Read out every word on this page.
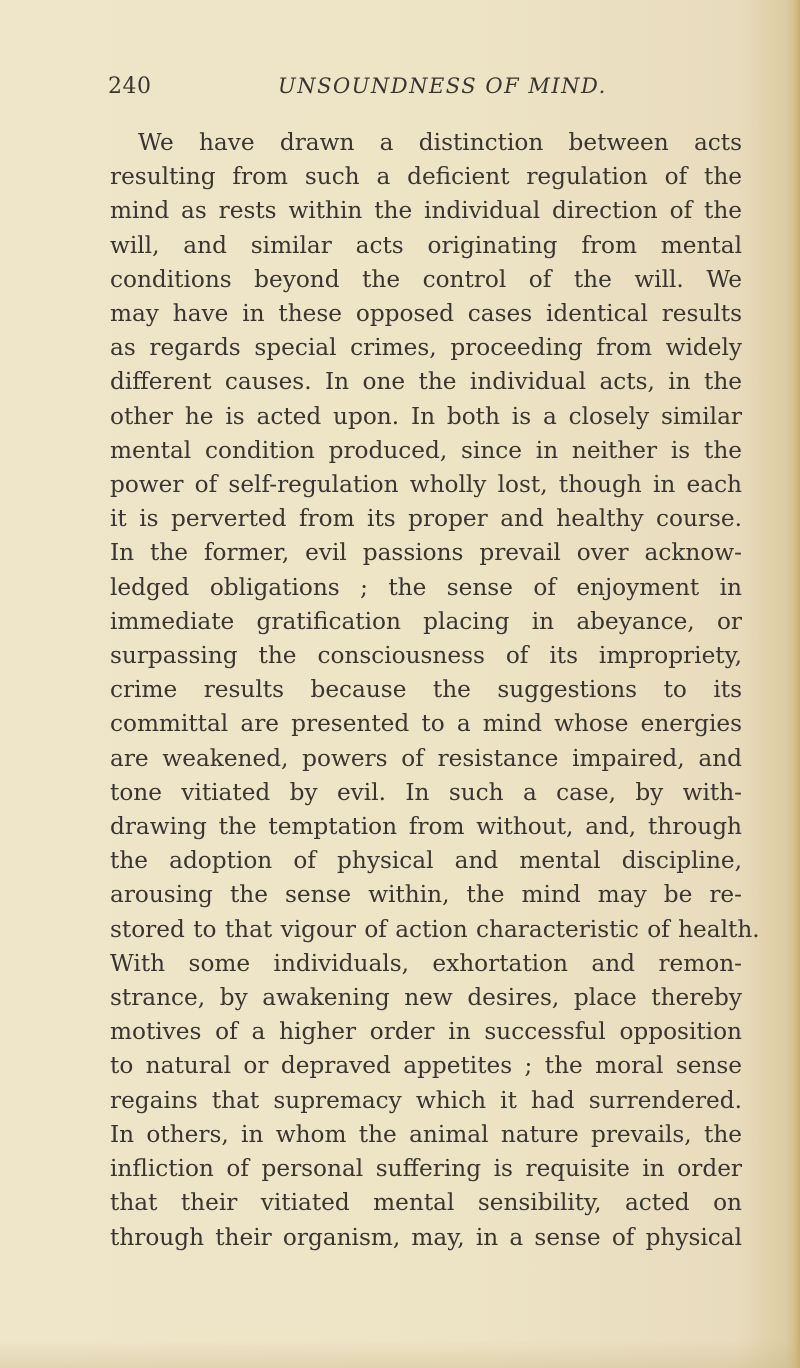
240	UNSOUNDNESS OF MIND.
We have drawn a distinction between acts
resulting from such a deficient regulation of the
mind as rests within the individual direction of the
will, and similar acts originating from mental
conditions beyond the control of the will. We
may have in these opposed cases identical results
as regards special crimes, proceeding from widely
different causes. In one the individual acts, in the
other he is acted upon. In both is a closely similar
mental condition produced, since in neither is the
power of self-regulation wholly lost, though in each
it is perverted from its proper and healthy course.
In the former, evil passions prevail over acknow-
ledged obligations ; the sense of enjoyment in
immediate gratification placing in abeyance, or
surpassing the consciousness of its impropriety,
crime results because the suggestions to its
committal are presented to a mind whose energies
are weakened, powers of resistance impaired, and
tone vitiated by evil. In such a case, by with-
drawing the temptation from without, and, through
the adoption of physical and mental discipline,
arousing the sense within, the mind may be re-
stored to that vigour of action characteristic of health.
With some individuals, exhortation and remon-
strance, by awakening new desires, place thereby
motives of a higher order in successful opposition
to natural or depraved appetites ; the moral sense
regains that supremacy which it had surrendered.
In others, in whom the animal nature prevails, the
infliction of personal suffering is requisite in order
that their vitiated mental sensibility, acted on
through their organism, may, in a sense of physical
